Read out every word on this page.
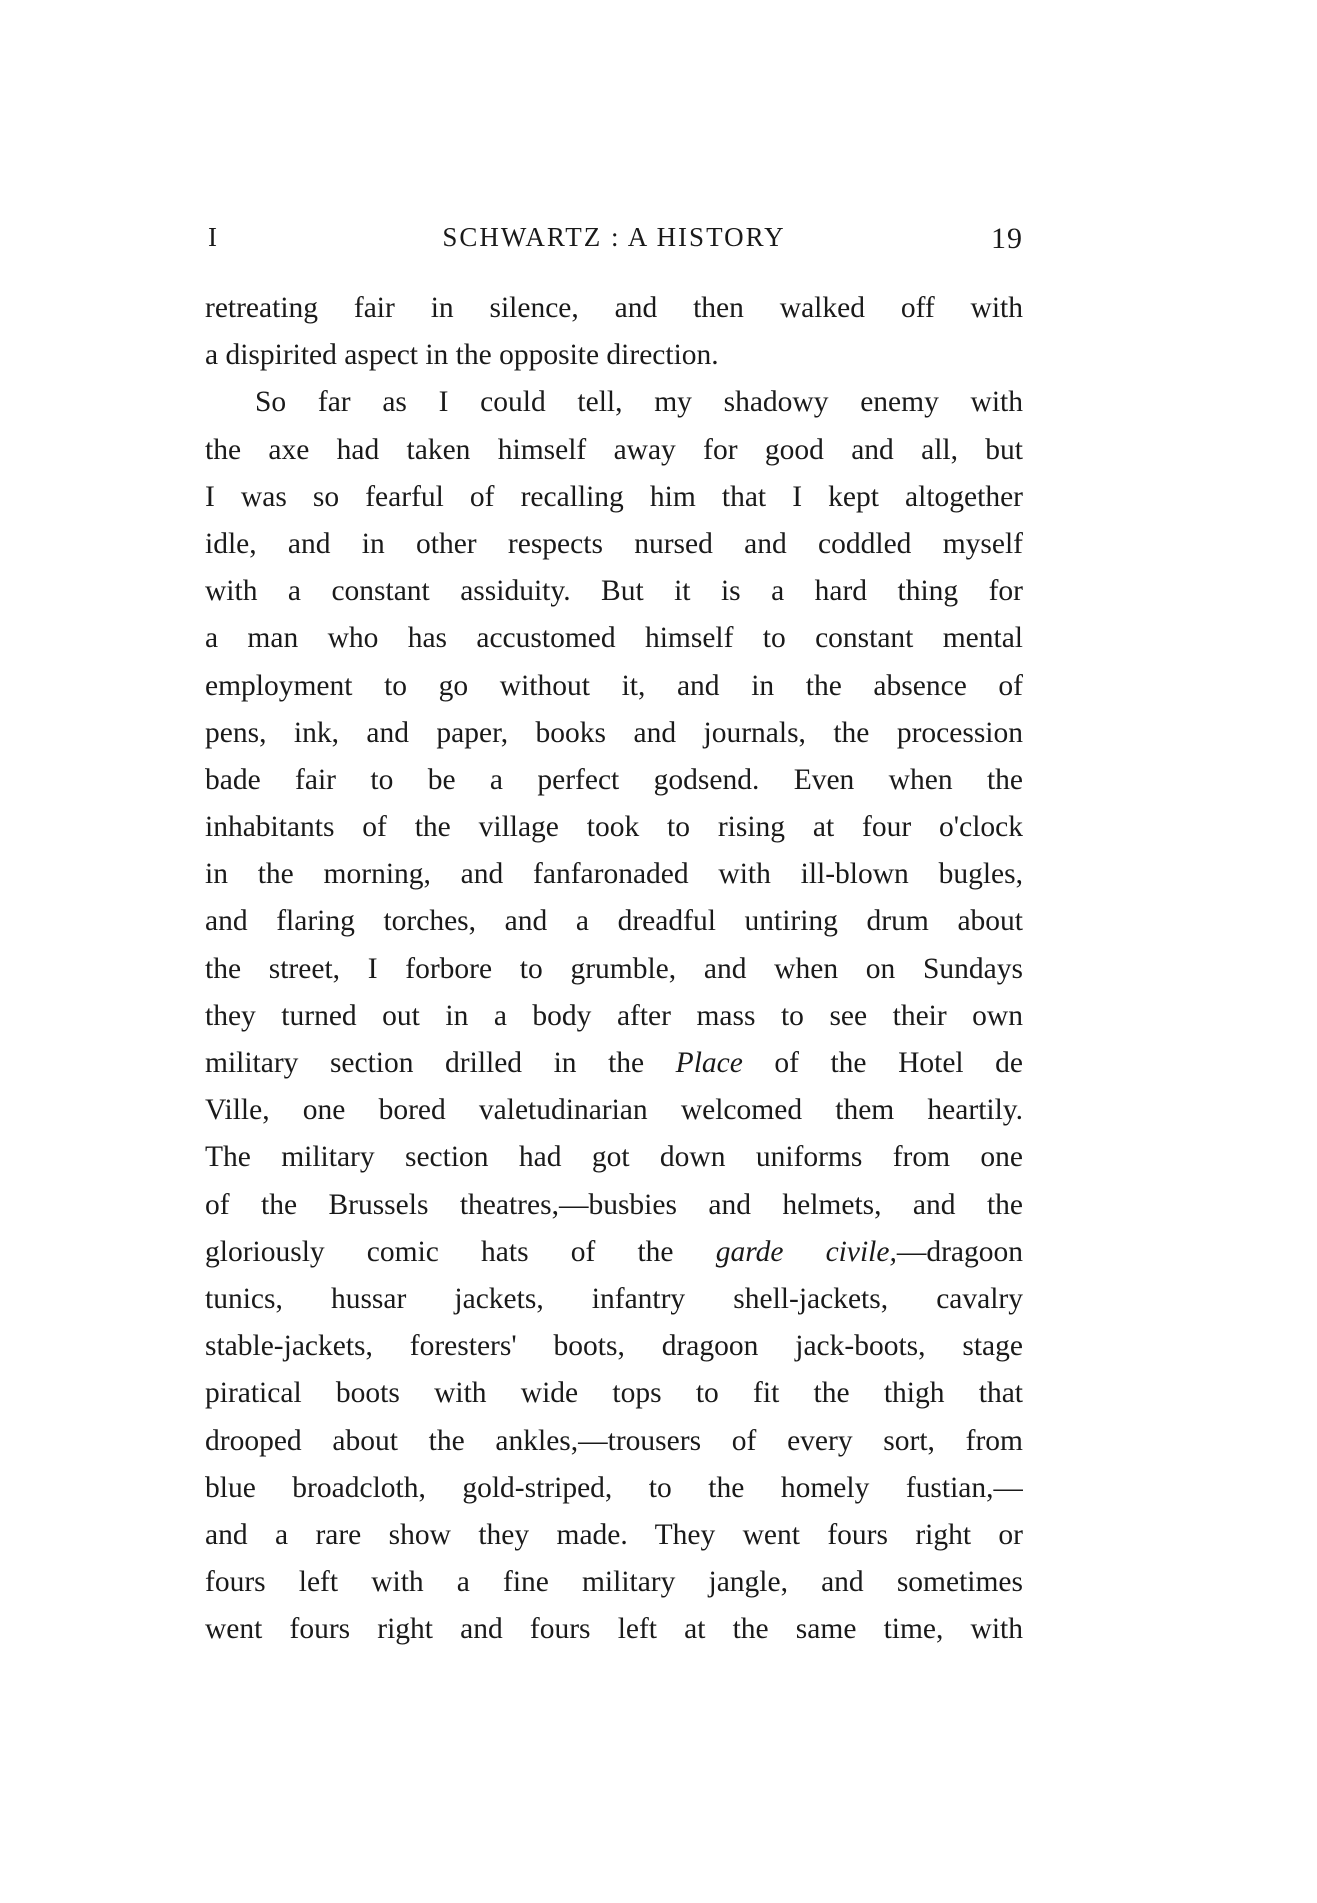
I	SCHWARTZ : A HISTORY	19
retreating fair in silence, and then walked off with
a dispirited aspect in the opposite direction.
So far as I could tell, my shadowy enemy with
the axe had taken himself away for good and all, but
I was so fearful of recalling him that I kept altogether
idle, and in other respects nursed and coddled myself
with a constant assiduity. But it is a hard thing for
a man who has accustomed himself to constant mental
employment to go without it, and in the absence of
pens, ink, and paper, books and journals, the procession
bade fair to be a perfect godsend. Even when the
inhabitants of the village took to rising at four o'clock
in the morning, and fanfaronaded with ill-blown bugles,
and flaring torches, and a dreadful untiring drum about
the street, I forbore to grumble, and when on Sundays
they turned out in a body after mass to see their own
military section drilled in the Place of the Hotel de
Ville, one bored valetudinarian welcomed them heartily.
The military section had got down uniforms from one
of the Brussels theatres,—busbies and helmets, and the
gloriously comic hats of the garde civile,—dragoon
tunics, hussar jackets, infantry shell-jackets, cavalry
stable-jackets, foresters' boots, dragoon jack-boots, stage
piratical boots with wide tops to fit the thigh that
drooped about the ankles,—trousers of every sort, from
blue broadcloth, gold-striped, to the homely fustian,—
and a rare show they made. They went fours right or
fours left with a fine military jangle, and sometimes
went fours right and fours left at the same time, with
